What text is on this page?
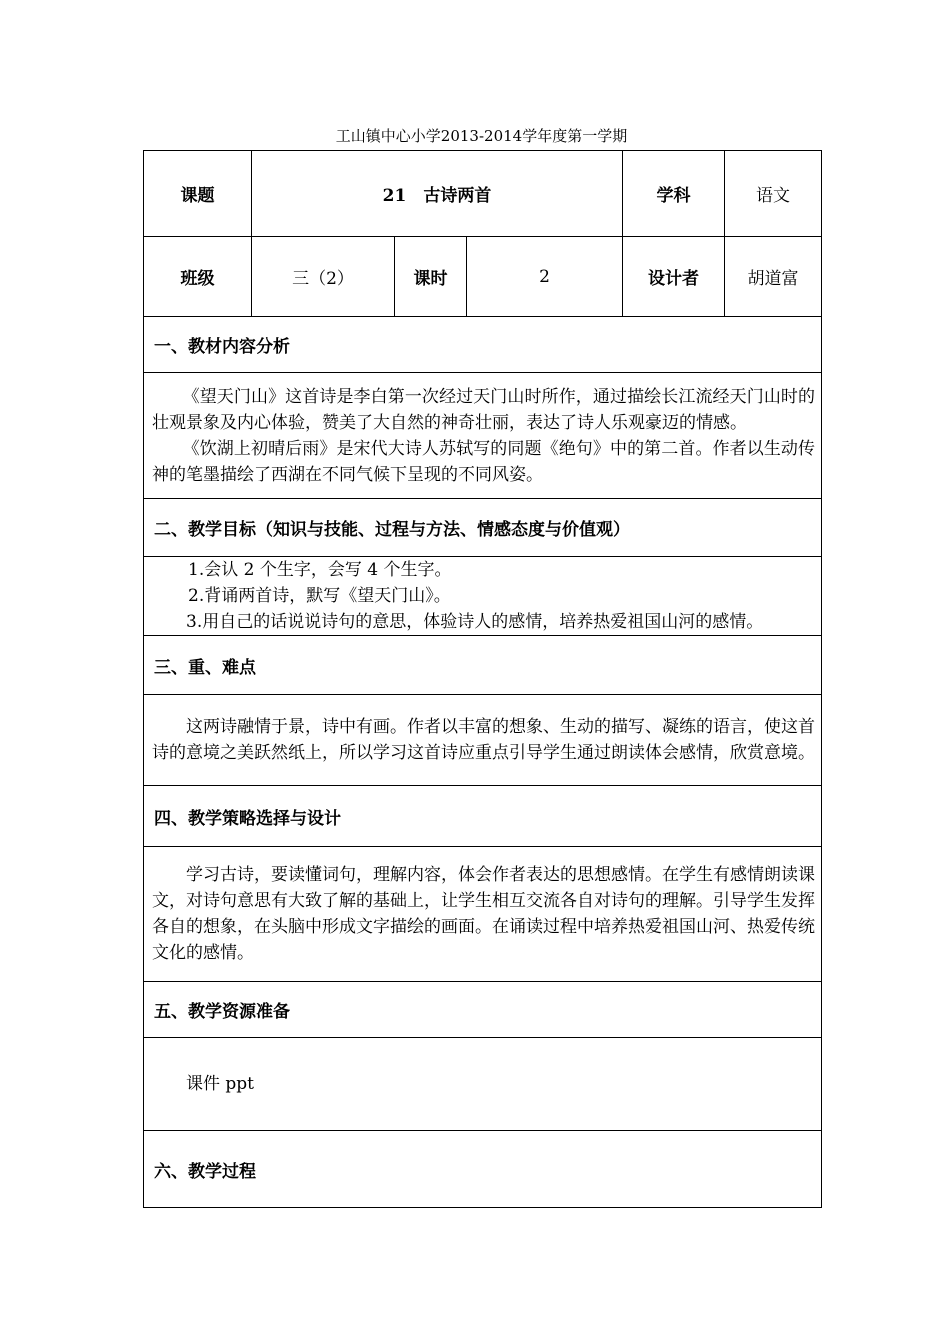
工山镇中心小学2013-2014学年度第一学期
课题	21　古诗两首			学科	语文
班级	三（2）	课时	2	设计者	胡道富
一、教材内容分析					

《望天门山》这首诗是李白第一次经过天门山时所作，通过描绘长江流经天门山时的壮观景象及内心体验，赞美了大自然的神奇壮丽，表达了诗人乐观豪迈的情感。

《饮湖上初晴后雨》是宋代大诗人苏轼写的同题《绝句》中的第二首。作者以生动传神的笔墨描绘了西湖在不同气候下呈现的不同风姿。					

二、教学目标（知识与技能、过程与方法、情感态度与价值观）					

1.会认 2 个生字，会写 4 个生字。

2.背诵两首诗，默写《望天门山》。

3.用自己的话说说诗句的意思，体验诗人的感情，培养热爱祖国山河的感情。					

三、重、难点					

这两诗融情于景，诗中有画。作者以丰富的想象、生动的描写、凝练的语言，使这首诗的意境之美跃然纸上，所以学习这首诗应重点引导学生通过朗读体会感情，欣赏意境。					

四、教学策略选择与设计					

学习古诗，要读懂词句，理解内容，体会作者表达的思想感情。在学生有感情朗读课文，对诗句意思有大致了解的基础上，让学生相互交流各自对诗句的理解。引导学生发挥各自的想象，在头脑中形成文字描绘的画面。在诵读过程中培养热爱祖国山河、热爱传统文化的感情。					

五、教学资源准备					

课件 ppt					

六、教学过程					
